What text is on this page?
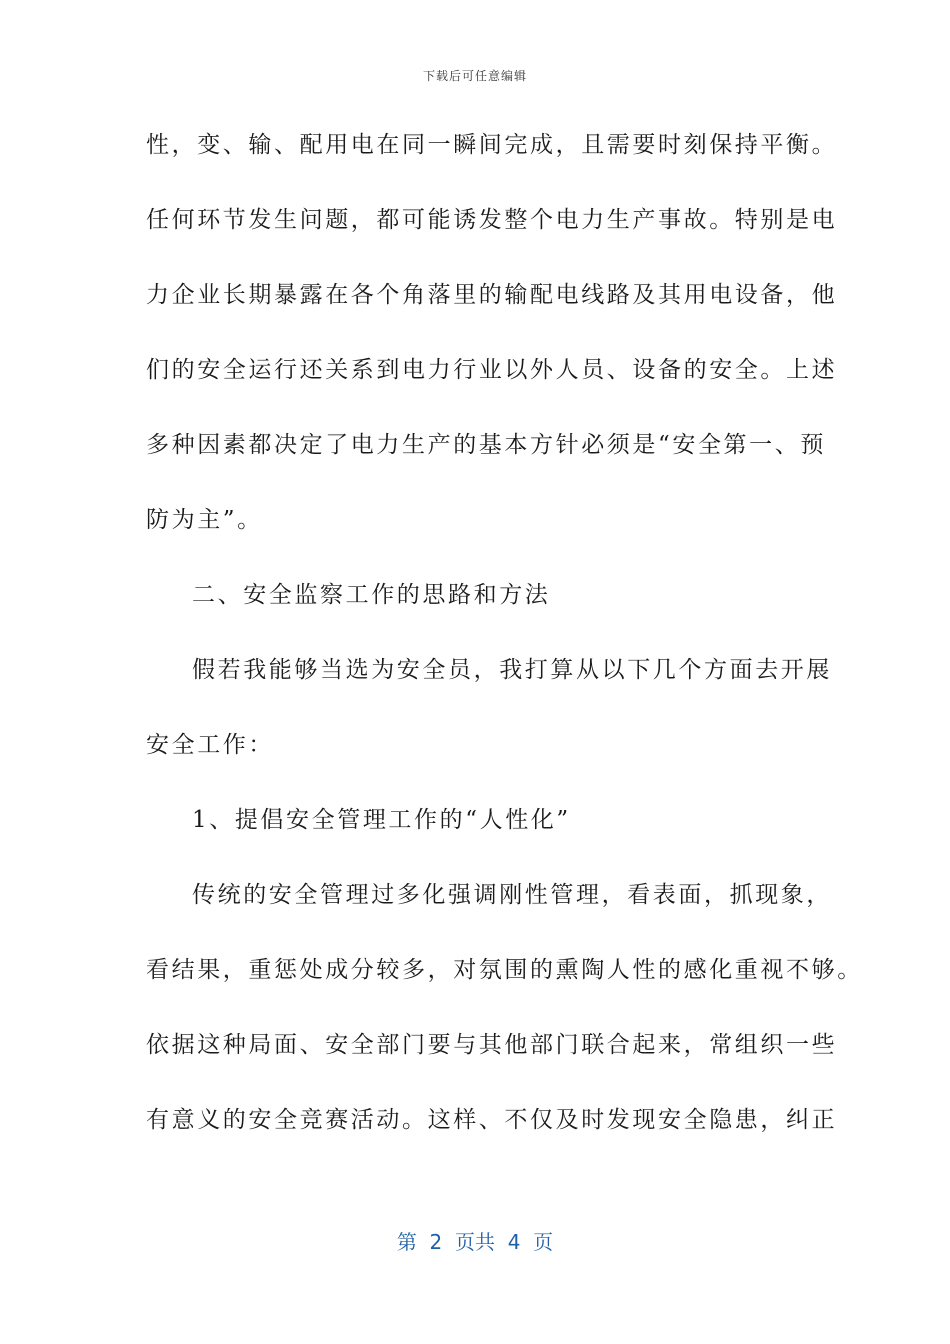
下载后可任意编辑
性，变、输、配用电在同一瞬间完成，且需要时刻保持平衡。
任何环节发生问题，都可能诱发整个电力生产事故。特别是电
力企业长期暴露在各个角落里的输配电线路及其用电设备，他
们的安全运行还关系到电力行业以外人员、设备的安全。上述
多种因素都决定了电力生产的基本方针必须是“安全第一、预
防为主”。
二、安全监察工作的思路和方法
假若我能够当选为安全员，我打算从以下几个方面去开展
安全工作：
1、提倡安全管理工作的“人性化”
传统的安全管理过多化强调刚性管理，看表面，抓现象，
看结果，重惩处成分较多，对氛围的熏陶人性的感化重视不够。
依据这种局面、安全部门要与其他部门联合起来，常组织一些
有意义的安全竞赛活动。这样、不仅及时发现安全隐患，纠正
第  2  页共  4  页
